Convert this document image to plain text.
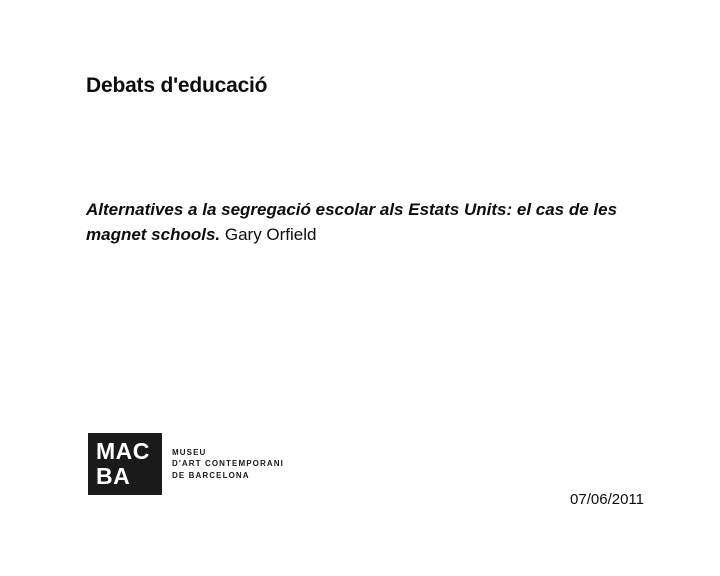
Debats d'educació
Alternatives a la segregació escolar als Estats Units: el cas de les magnet schools. Gary Orfield
MAC
BA
MUSEU
D'ART CONTEMPORANI
DE BARCELONA
07/06/2011
